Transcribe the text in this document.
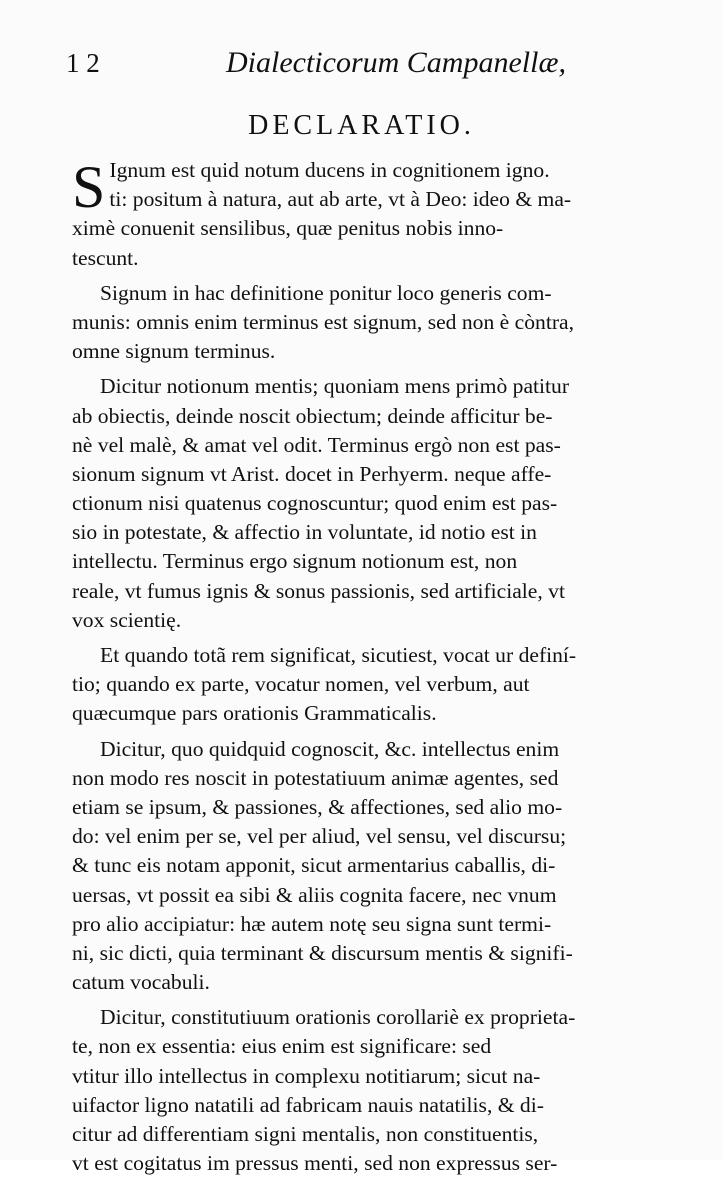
1 2	Dialecticorum Campanellæ,
DECLARATIO.
S Ignum est quid notum ducens in cognitionem igno.
ti: positum à natura, aut ab arte, vt à Deo: ideo & ma-
ximè conuenit sensilibus, quæ penitus nobis inno-
tescunt.
Signum in hac definitione ponitur loco generis com-
munis: omnis enim terminus est signum, sed non è còntra,
omne signum terminus.
Dicitur notionum mentis; quoniam mens primò patitur
ab obiectis, deinde noscit obiectum; deinde afficitur be-
nè vel malè, & amat vel odit. Terminus ergò non est pas-
sionum signum vt Arist. docet in Perhyerm. neque affe-
ctionum nisi quatenus cognoscuntur; quod enim est pas-
sio in potestate, & affectio in voluntate, id notio est in
intellectu. Terminus ergo signum notionum est, non
reale, vt fumus ignis & sonus passionis, sed artificiale, vt
vox scientię.
Et quando totã rem significat, sicutiest, vocat ur definí-
tio; quando ex parte, vocatur nomen, vel verbum, aut
quæcumque pars orationis Grammaticalis.
Dicitur, quo quidquid cognoscit, &c. intellectus enim
non modo res noscit in potestatiuum animæ agentes, sed
etiam se ipsum, & passiones, & affectiones, sed alio mo-
do: vel enim per se, vel per aliud, vel sensu, vel discursu;
& tunc eis notam apponit, sicut armentarius caballis, di-
uersas, vt possit ea sibi & aliis cognita facere, nec vnum
pro alio accipiatur: hæ autem notę seu signa sunt termi-
ni, sic dicti, quia terminant & discursum mentis & signifi-
catum vocabuli.
Dicitur, constitutiuum orationis corollariè ex proprieta-
te, non ex essentia: eius enim est significare: sed
vtitur illo intellectus in complexu notitiarum; sicut na-
uifactor ligno natatili ad fabricam nauis natatilis, & di-
citur ad differentiam signi mentalis, non constituentis,
vt est cogitatus im pressus menti, sed non expressus ser-
